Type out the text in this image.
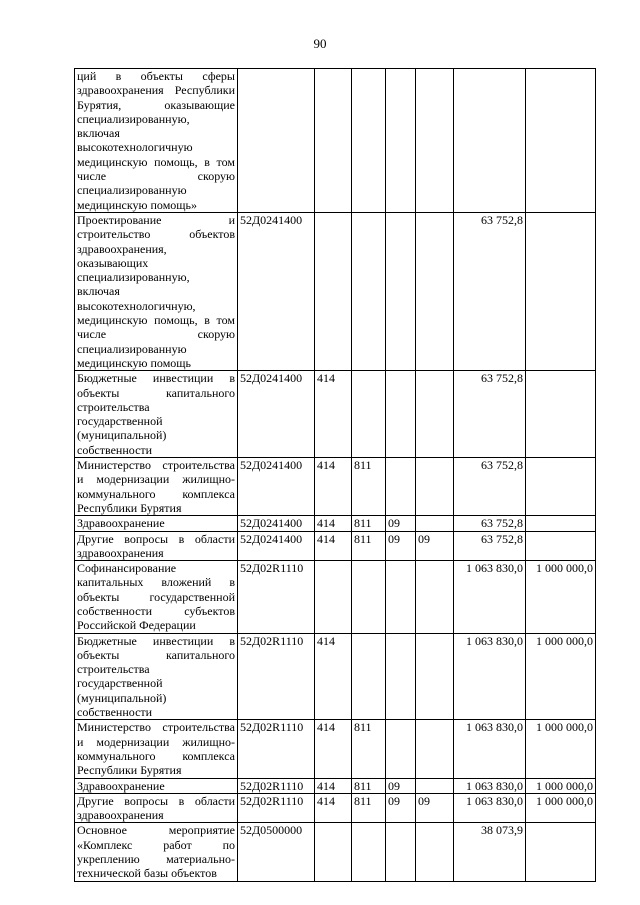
90
ций в объекты сферы здравоохранения Республики Бурятия, оказывающие специализированную, включая высокотехнологичную медицинскую помощь, в том числе скорую специализированную медицинскую помощь»							
Проектирование и строительство объектов здравоохранения, оказывающих специализированную, включая высокотехнологичную, медицинскую помощь, в том числе скорую специализированную медицинскую помощь	52Д0241400					63 752,8	
Бюджетные инвестиции в объекты капитального строительства государственной (муниципальной) собственности	52Д0241400	414				63 752,8	
Министерство строительства и модернизации жилищно-коммунального комплекса Республики Бурятия	52Д0241400	414	811			63 752,8	
Здравоохранение	52Д0241400	414	811	09		63 752,8	
Другие вопросы в области здравоохранения	52Д0241400	414	811	09	09	63 752,8	
Софинансирование капитальных вложений в объекты государственной собственности субъектов Российской Федерации	52Д02R1110					1 063 830,0	1 000 000,0
Бюджетные инвестиции в объекты капитального строительства государственной (муниципальной) собственности	52Д02R1110	414				1 063 830,0	1 000 000,0
Министерство строительства и модернизации жилищно-коммунального комплекса Республики Бурятия	52Д02R1110	414	811			1 063 830,0	1 000 000,0
Здравоохранение	52Д02R1110	414	811	09		1 063 830,0	1 000 000,0
Другие вопросы в области здравоохранения	52Д02R1110	414	811	09	09	1 063 830,0	1 000 000,0
Основное мероприятие «Комплекс работ по укреплению материально-технической базы объектов	52Д0500000					38 073,9	
